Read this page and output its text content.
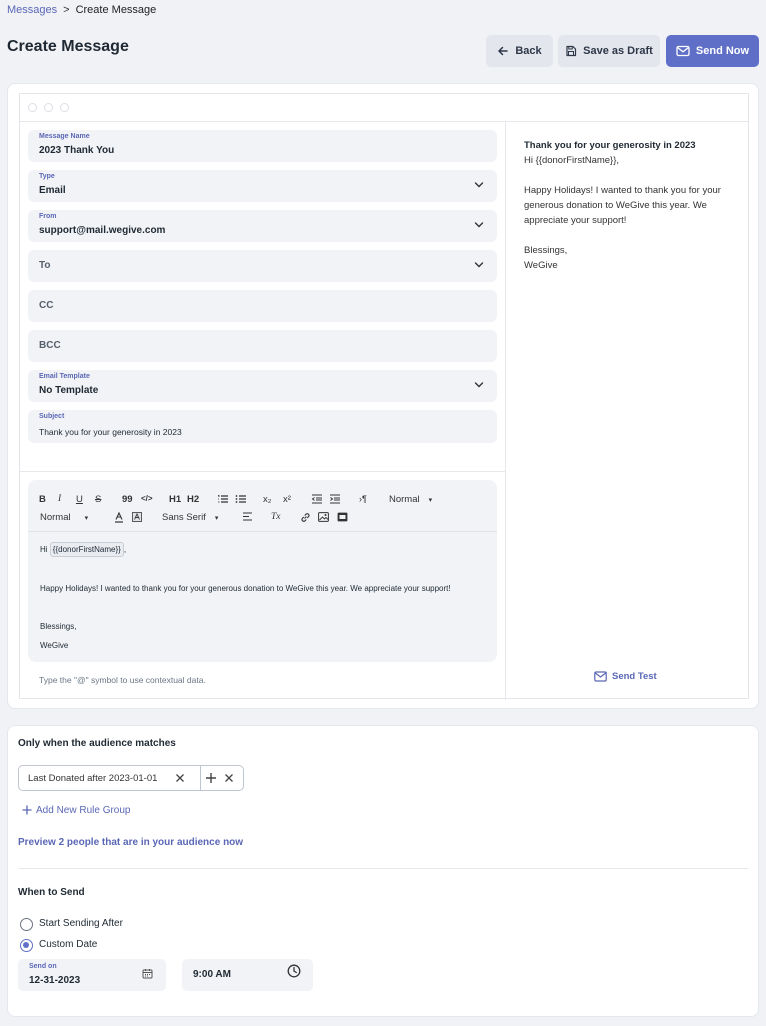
Messages > Create Message
Create Message	Back	Save as Draft	Send Now
Message Name
2023 Thank You
Type
Email
From
support@mail.wegive.com
To
CC
BCC
Email Template
No Template
Subject
Thank you for your generosity in 2023
B I U S 99 </> H1 H2	x₂ x²	›¶ Normal ▾
Normal ▾	Sans Serif ▾	Tx
Hi {{donorFirstName}} ,
Happy Holidays! I wanted to thank you for your generous donation to WeGive this year. We appreciate your support!
Blessings,
WeGive
Type the "@" symbol to use contextual data.
Thank you for your generosity in 2023
Hi {{donorFirstName}},
Happy Holidays! I wanted to thank you for your generous donation to WeGive this year. We appreciate your support!
Blessings,
WeGive
Send Test
Only when the audience matches
Last Donated after 2023-01-01
Add New Rule Group
Preview 2 people that are in your audience now
When to Send
Start Sending After
Custom Date
Send on
12-31-2023
9:00 AM
